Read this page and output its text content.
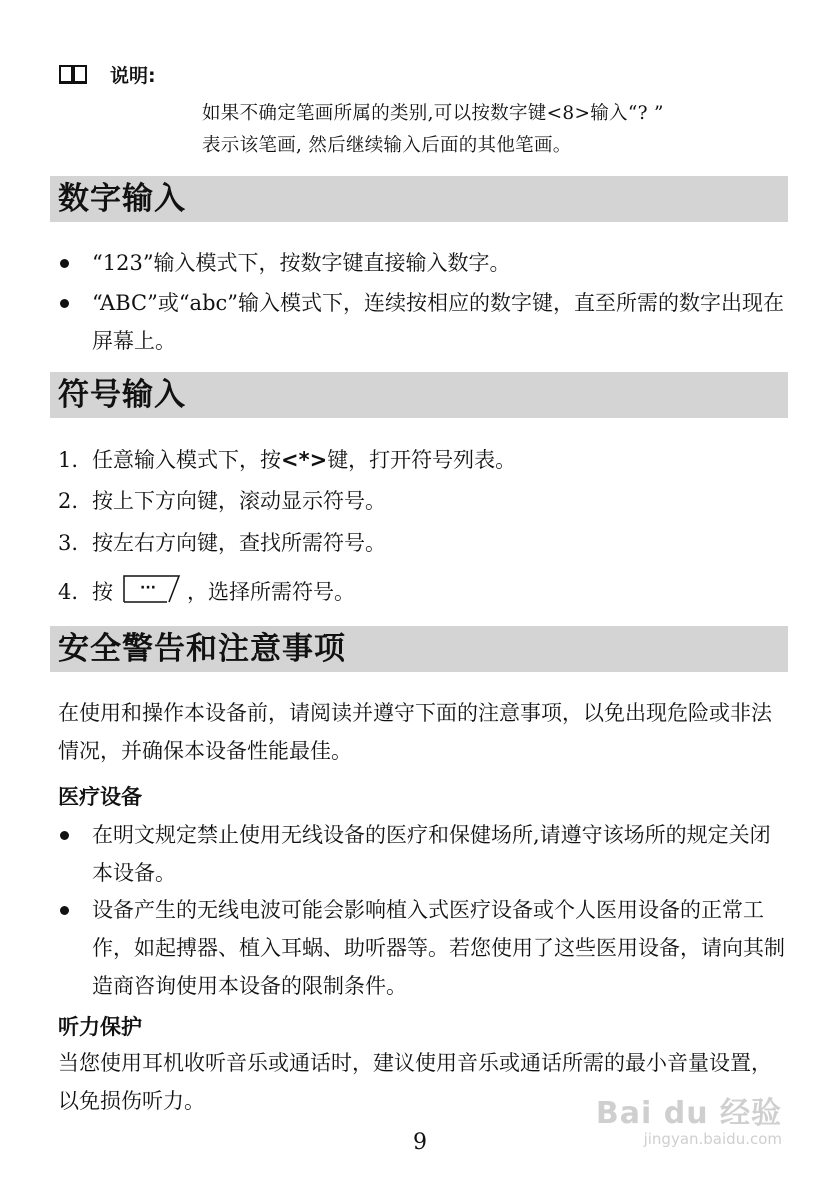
说明:
如果不确定笔画所属的类别,可以按数字键<8>输入“? ”
表示该笔画, 然后继续输入后面的其他笔画。
数字输入
“123”输入模式下，按数字键直接输入数字。
“ABC”或“abc”输入模式下，连续按相应的数字键，直至所需的数字出现在屏幕上。
符号输入
1. 任意输入模式下，按<*>键，打开符号列表。
2. 按上下方向键，滚动显示符号。
3. 按左右方向键，查找所需符号。
4. 按 ··· ，选择所需符号。
安全警告和注意事项
在使用和操作本设备前，请阅读并遵守下面的注意事项，以免出现危险或非法情况，并确保本设备性能最佳。
医疗设备
在明文规定禁止使用无线设备的医疗和保健场所,请遵守该场所的规定关闭本设备。
设备产生的无线电波可能会影响植入式医疗设备或个人医用设备的正常工作，如起搏器、植入耳蜗、助听器等。若您使用了这些医用设备，请向其制造商咨询使用本设备的限制条件。
听力保护
当您使用耳机收听音乐或通话时，建议使用音乐或通话所需的最小音量设置，以免损伤听力。
9
Bai du 经验
jingyan.baidu.com
